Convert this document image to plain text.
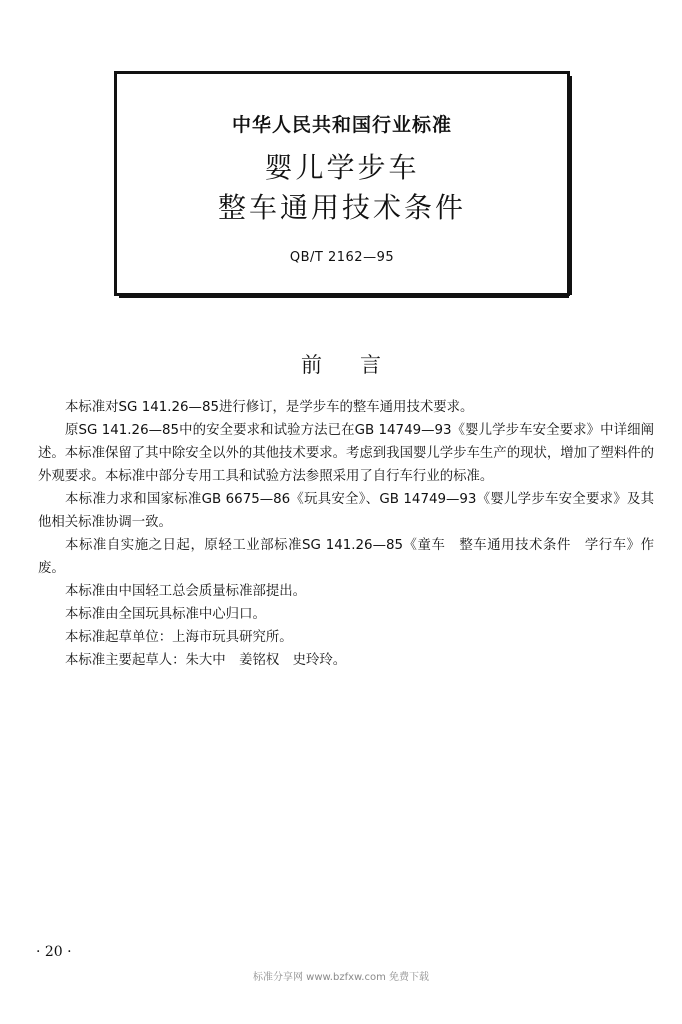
中华人民共和国行业标准
婴儿学步车
整车通用技术条件
QB/T 2162—95
前言

本标准对SG 141.26—85进行修订，是学步车的整车通用技术要求。

原SG 141.26—85中的安全要求和试验方法已在GB 14749—93《婴儿学步车安全要求》中详细阐述。本标准保留了其中除安全以外的其他技术要求。考虑到我国婴儿学步车生产的现状，增加了塑料件的外观要求。本标准中部分专用工具和试验方法参照采用了自行车行业的标准。

本标准力求和国家标准GB 6675—86《玩具安全》、GB 14749—93《婴儿学步车安全要求》及其他相关标准协调一致。

本标准自实施之日起，原轻工业部标准SG 141.26—85《童车　整车通用技术条件　学行车》作废。

本标准由中国轻工总会质量标准部提出。

本标准由全国玩具标准中心归口。

本标准起草单位：上海市玩具研究所。

本标准主要起草人：朱大中　姜铭权　史玲玲。

· 20 ·
标准分享网 www.bzfxw.com 免费下载
